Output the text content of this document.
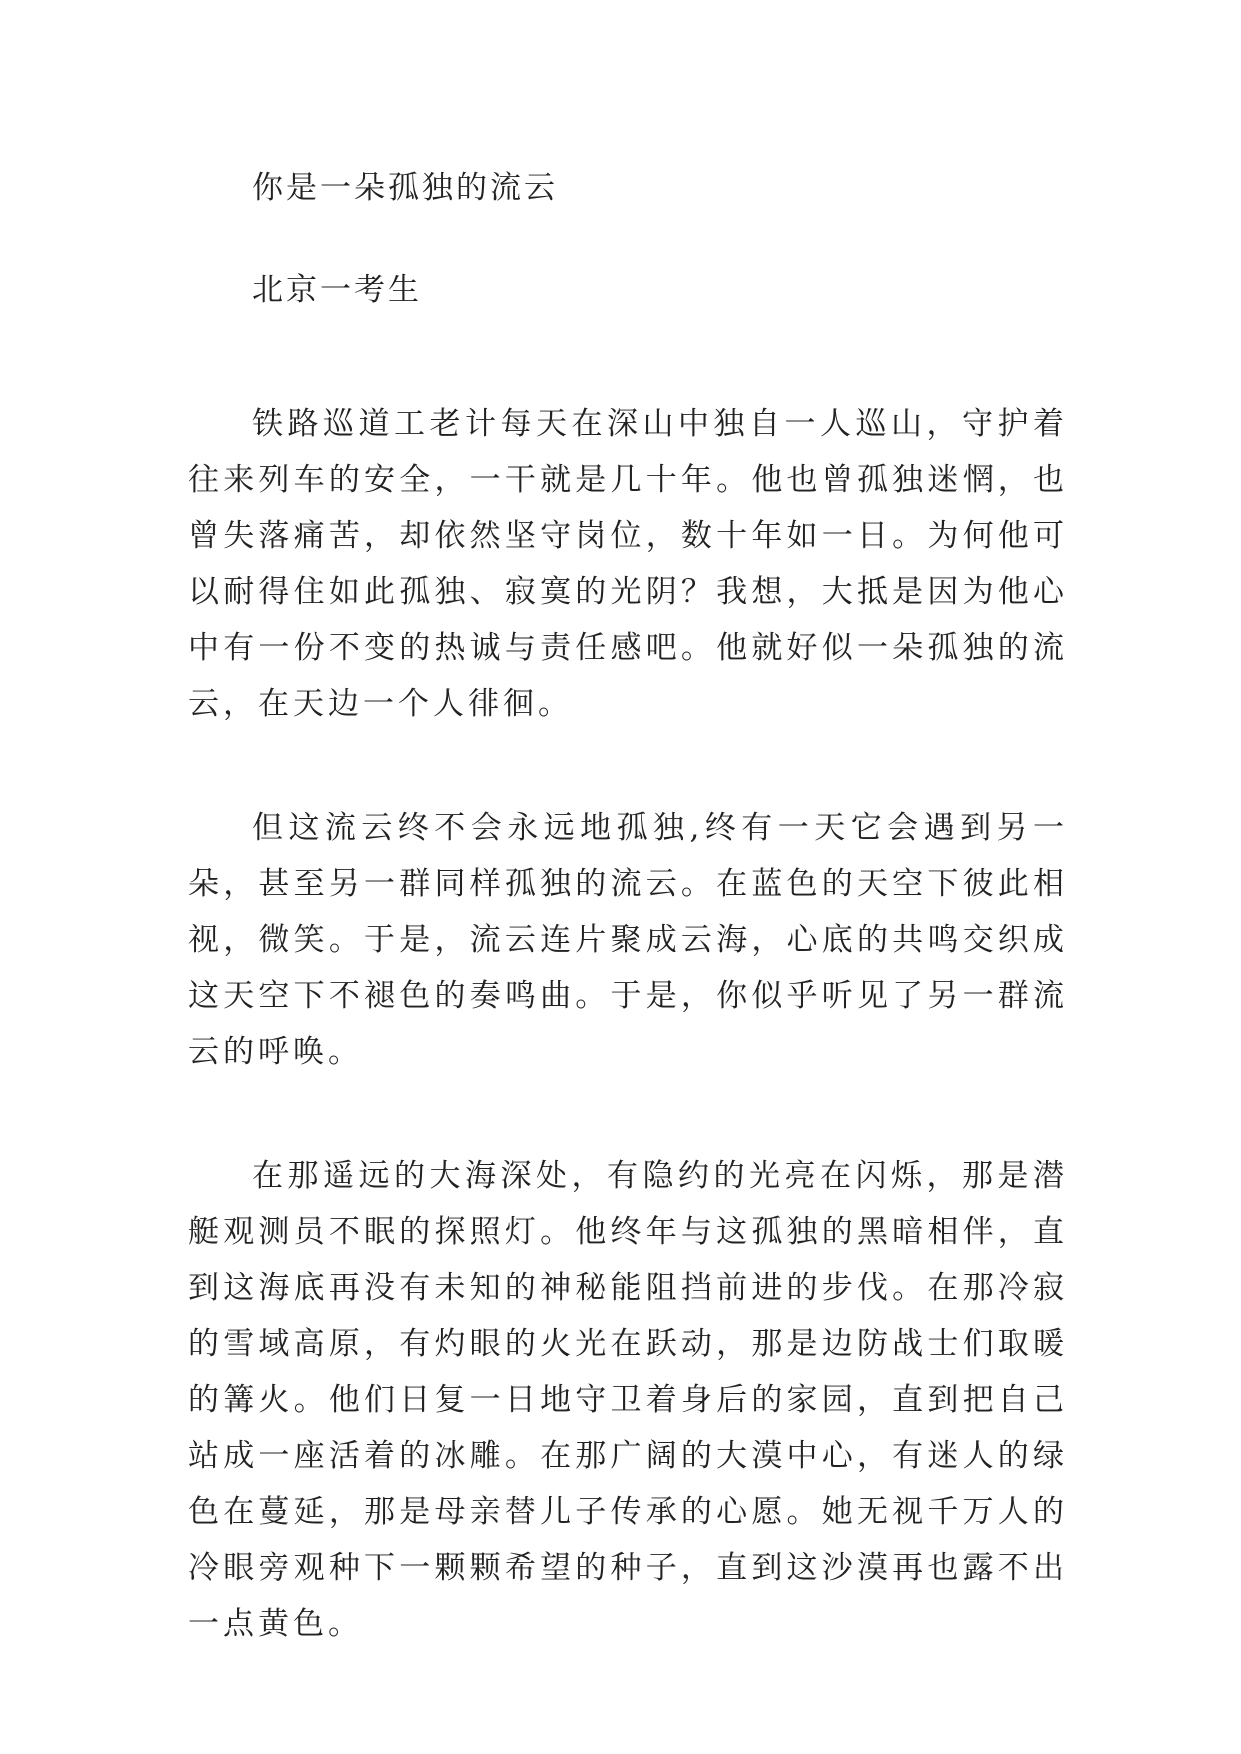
你是一朵孤独的流云

北京一考生

铁路巡道工老计每天在深山中独自一人巡山，守护着往来列车的安全，一干就是几十年。他也曾孤独迷惘，也曾失落痛苦，却依然坚守岗位，数十年如一日。为何他可以耐得住如此孤独、寂寞的光阴？我想，大抵是因为他心中有一份不变的热诚与责任感吧。他就好似一朵孤独的流云，在天边一个人徘徊。

但这流云终不会永远地孤独,终有一天它会遇到另一朵，甚至另一群同样孤独的流云。在蓝色的天空下彼此相视，微笑。于是，流云连片聚成云海，心底的共鸣交织成这天空下不褪色的奏鸣曲。于是，你似乎听见了另一群流云的呼唤。

在那遥远的大海深处，有隐约的光亮在闪烁，那是潜艇观测员不眠的探照灯。他终年与这孤独的黑暗相伴，直到这海底再没有未知的神秘能阻挡前进的步伐。在那冷寂的雪域高原，有灼眼的火光在跃动，那是边防战士们取暖的篝火。他们日复一日地守卫着身后的家园，直到把自己站成一座活着的冰雕。在那广阔的大漠中心，有迷人的绿色在蔓延，那是母亲替儿子传承的心愿。她无视千万人的冷眼旁观种下一颗颗希望的种子，直到这沙漠再也露不出一点黄色。
